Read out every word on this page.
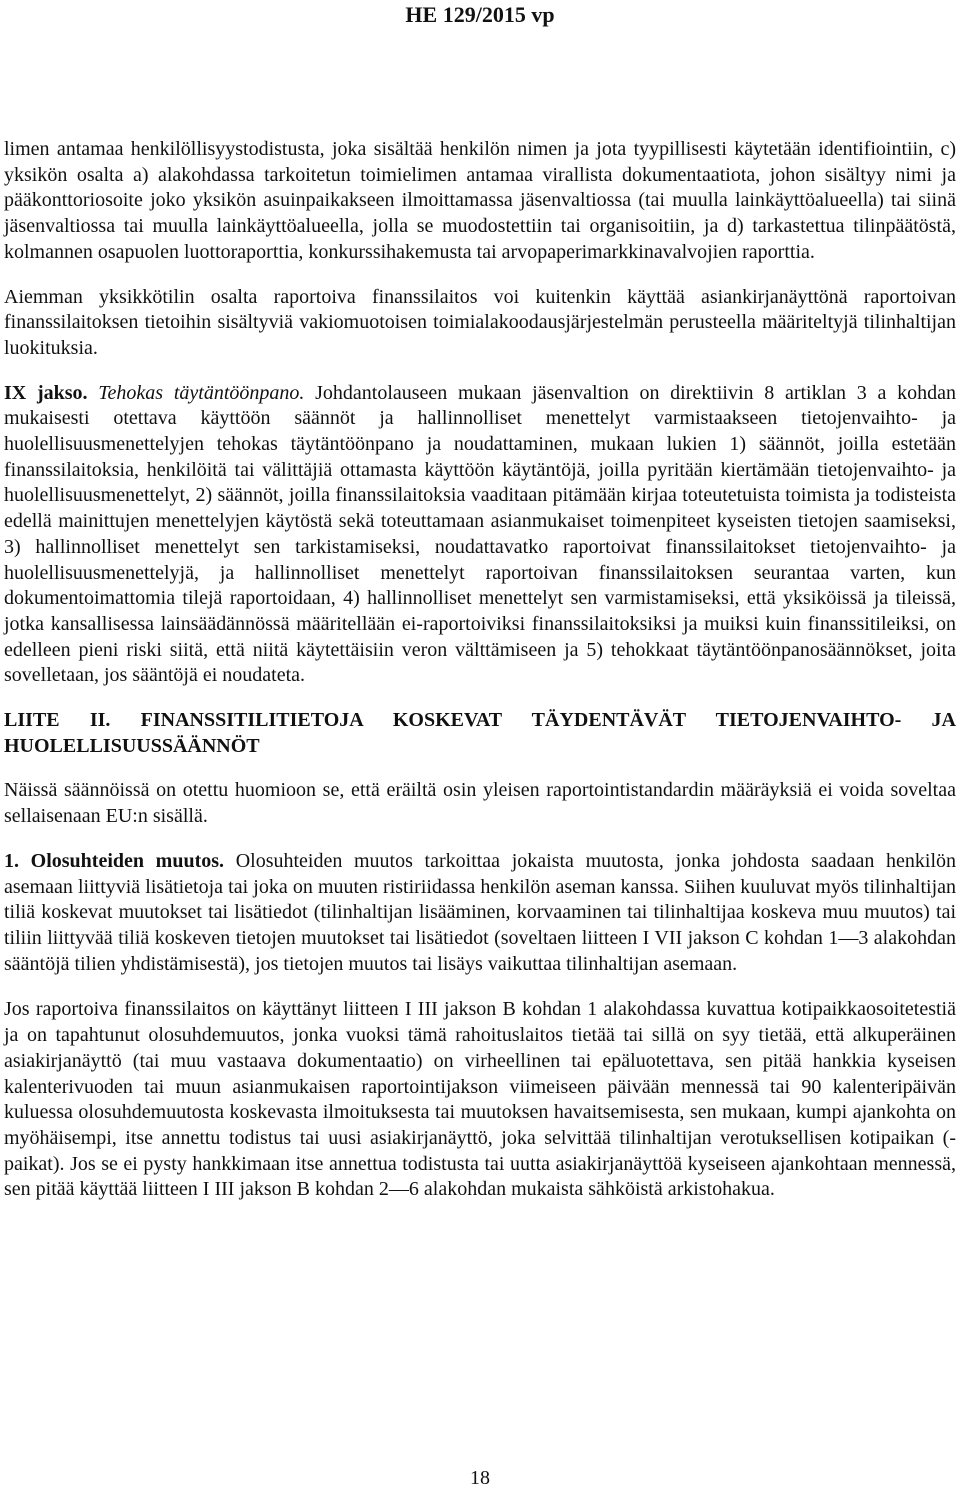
HE 129/2015 vp

limen antamaa henkilöllisyystodistusta, joka sisältää henkilön nimen ja jota tyypillisesti käytetään identifiointiin, c) yksikön osalta a) alakohdassa tarkoitetun toimielimen antamaa virallista dokumentaatiota, johon sisältyy nimi ja pääkonttoriosoite joko yksikön asuinpaikakseen ilmoittamassa jäsenvaltiossa (tai muulla lainkäyttöalueella) tai siinä jäsenvaltiossa tai muulla lainkäyttöalueella, jolla se muodostettiin tai organisoitiin, ja d) tarkastettua tilinpäätöstä, kolmannen osapuolen luottoraporttia, konkurssihakemusta tai arvopaperimarkkinavalvojien raporttia.

Aiemman yksikkötilin osalta raportoiva finanssilaitos voi kuitenkin käyttää asiankirjanäyttönä raportoivan finanssilaitoksen tietoihin sisältyviä vakiomuotoisen toimialakoodausjärjestelmän perusteella määriteltyjä tilinhaltijan luokituksia.

IX jakso. Tehokas täytäntöönpano. Johdantolauseen mukaan jäsenvaltion on direktiivin 8 artiklan 3 a kohdan mukaisesti otettava käyttöön säännöt ja hallinnolliset menettelyt varmistaakseen tietojenvaihto- ja huolellisuusmenettelyjen tehokas täytäntöönpano ja noudattaminen, mukaan lukien 1) säännöt, joilla estetään finanssilaitoksia, henkilöitä tai välittäjiä ottamasta käyttöön käytäntöjä, joilla pyritään kiertämään tietojenvaihto- ja huolellisuusmenettelyt, 2) säännöt, joilla finanssilaitoksia vaaditaan pitämään kirjaa toteutetuista toimista ja todisteista edellä mainittujen menettelyjen käytöstä sekä toteuttamaan asianmukaiset toimenpiteet kyseisten tietojen saamiseksi, 3) hallinnolliset menettelyt sen tarkistamiseksi, noudattavatko raportoivat finanssilaitokset tietojenvaihto- ja huolellisuusmenettelyjä, ja hallinnolliset menettelyt raportoivan finanssilaitoksen seurantaa varten, kun dokumentoimattomia tilejä raportoidaan, 4) hallinnolliset menettelyt sen varmistamiseksi, että yksiköissä ja tileissä, jotka kansallisessa lainsäädännössä määritellään ei-raportoiviksi finanssilaitoksiksi ja muiksi kuin finanssitileiksi, on edelleen pieni riski siitä, että niitä käytettäisiin veron välttämiseen ja 5) tehokkaat täytäntöönpanosäännökset, joita sovelletaan, jos sääntöjä ei noudateta.

LIITE II. FINANSSITILITIETOJA KOSKEVAT TÄYDENTÄVÄT TIETOJENVAIHTO- JA HUOLELLISUUSSÄÄNNÖT

Näissä säännöissä on otettu huomioon se, että eräiltä osin yleisen raportointistandardin määräyksiä ei voida soveltaa sellaisenaan EU:n sisällä.

1. Olosuhteiden muutos. Olosuhteiden muutos tarkoittaa jokaista muutosta, jonka johdosta saadaan henkilön asemaan liittyviä lisätietoja tai joka on muuten ristiriidassa henkilön aseman kanssa. Siihen kuuluvat myös tilinhaltijan tiliä koskevat muutokset tai lisätiedot (tilinhaltijan lisääminen, korvaaminen tai tilinhaltijaa koskeva muu muutos) tai tiliin liittyvää tiliä koskeven tietojen muutokset tai lisätiedot (soveltaen liitteen I VII jakson C kohdan 1—3 alakohdan sääntöjä tilien yhdistämisestä), jos tietojen muutos tai lisäys vaikuttaa tilinhaltijan asemaan.

Jos raportoiva finanssilaitos on käyttänyt liitteen I III jakson B kohdan 1 alakohdassa kuvattua kotipaikkaosoitetestiä ja on tapahtunut olosuhdemuutos, jonka vuoksi tämä rahoituslaitos tietää tai sillä on syy tietää, että alkuperäinen asiakirjanäyttö (tai muu vastaava dokumentaatio) on virheellinen tai epäluotettava, sen pitää hankkia kyseisen kalenterivuoden tai muun asianmukaisen raportointijakson viimeiseen päivään mennessä tai 90 kalenteripäivän kuluessa olosuhdemuutosta koskevasta ilmoituksesta tai muutoksen havaitsemisesta, sen mukaan, kumpi ajankohta on myöhäisempi, itse annettu todistus tai uusi asiakirjanäyttö, joka selvittää tilinhaltijan verotuksellisen kotipaikan (-paikat). Jos se ei pysty hankkimaan itse annettua todistusta tai uutta asiakirjanäyttöä kyseiseen ajankohtaan mennessä, sen pitää käyttää liitteen I III jakson B kohdan 2—6 alakohdan mukaista sähköistä arkistohakua.

18
